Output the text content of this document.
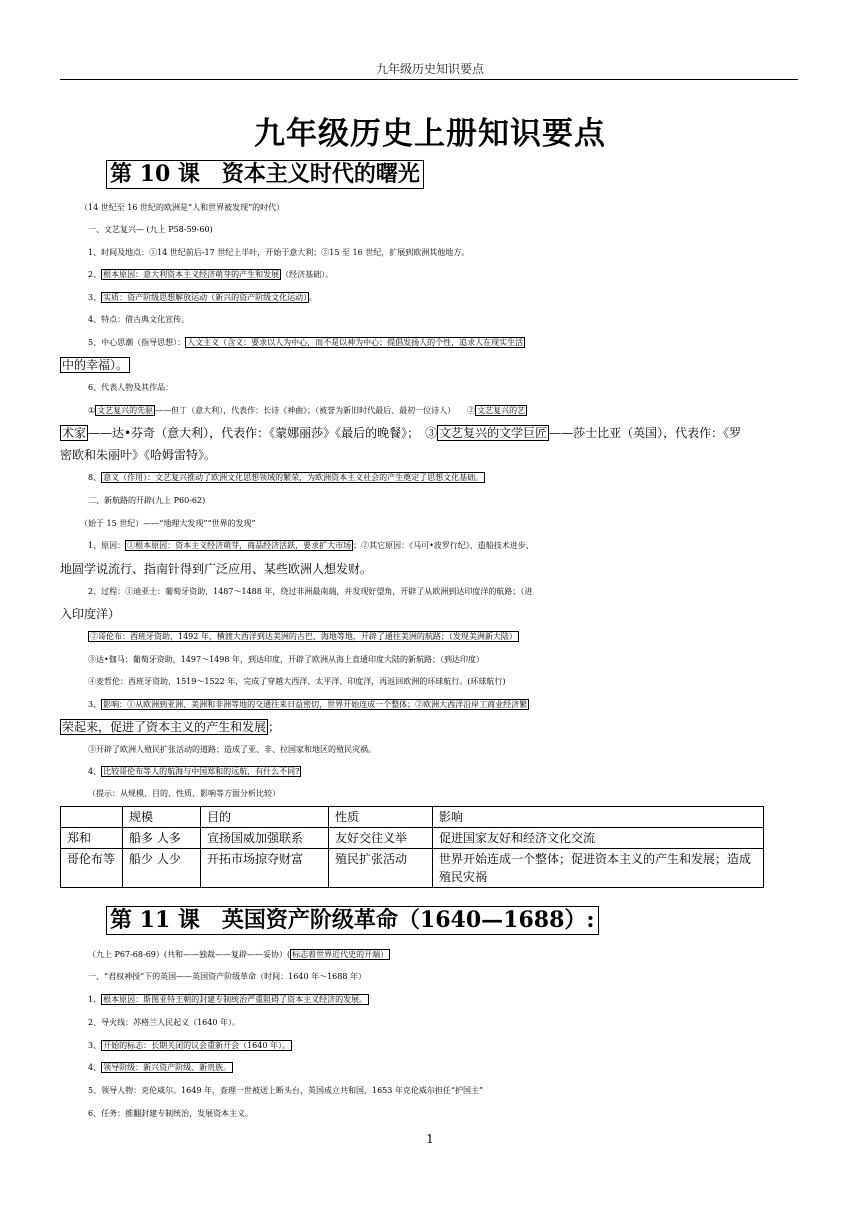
九年级历史知识要点
九年级历史上册知识要点
第 10 课　资本主义时代的曙光
（14 世纪至 16 世纪的欧洲是“人和世界被发现”的时代）
一、文艺复兴— (九上 P58-59-60)
1、时间及地点：①14 世纪前后-17 世纪上半叶，开始于意大利；②15 至 16 世纪，扩展到欧洲其他地方。
2、 根本原因：意大利资本主义经济萌芽的产生和发展 （经济基础）。
3、 实质：资产阶级思想解放运动（新兴的资产阶级文化运动） 。
4、特点：借古典文化宣传。
5、中心思潮（指导思想）： 人文主义（含义：要求以人为中心，而不是以神为中心；提倡发扬人的个性，追求人在现实生活
中的幸福）。
6、代表人物及其作品：
① 文艺复兴的先驱 ——但丁（意大利），代表作：长诗《神曲》；（被誉为新旧时代最后、最初一位诗人）　　② 文艺复兴的艺
术家 ——达•芬奇（意大利），代表作：《蒙娜丽莎》《最后的晚餐》；　③ 文艺复兴的文学巨匠 ——莎士比亚（英国），代表作：《罗
密欧和朱丽叶》《哈姆雷特》。
8、 意义（作用）：文艺复兴推动了欧洲文化思想领域的繁荣，为欧洲资本主义社会的产生奠定了思想文化基础。
二、新航路的开辟(九上 P60-62)
（始于 15 世纪）——“地理大发现”“世界的发现”
1、原因： ①根本原因：资本主义经济萌芽，商品经济活跃，要求扩大市场 ；②其它原因：《马可•波罗行纪》、造船技术进步、
地圆学说流行、指南针得到广泛应用、某些欧洲人想发财。
2、过程：①迪亚士：葡萄牙资助，1487～1488 年，绕过非洲最南端，并发现好望角，开辟了从欧洲到达印度洋的航路；（进
入印度洋）
②哥伦布：西班牙资助，1492 年，横渡大西洋到达美洲的古巴、海地等地，开辟了通往美洲的航路；（发现美洲新大陆）
③达•伽马：葡萄牙资助，1497～1498 年，到达印度，开辟了欧洲从海上直通印度大陆的新航路；（到达印度）
④麦哲伦：西班牙资助，1519～1522 年，完成了穿越大西洋、太平洋、印度洋，再返回欧洲的环球航行。(环球航行)
3、 影响：①从欧洲到亚洲、美洲和非洲等地的交通往来日益密切，世界开始连成一个整体；②欧洲大西洋沿岸工商业经济繁
荣起来，促进了资本主义的产生和发展 ；
③开辟了欧洲人殖民扩张活动的道路；造成了亚、非、拉国家和地区的殖民灾祸。
4、 比较哥伦布等人的航海与中国郑和的远航，有什么不同?
（提示：从规模、目的、性质、影响等方面分析比较）
	规模	目的	性质	影响
郑和	船多 人多	宣扬国威加强联系	友好交往义举	促进国家友好和经济文化交流
哥伦布等	船少 人少	开拓市场掠夺财富	殖民扩张活动	世界开始连成一个整体；促进资本主义的产生和发展；造成殖民灾祸
第 11 课　英国资产阶级革命（1640—1688）:
（九上 P67-68-69）(共和——独裁——复辟——妥协）( 标志着世界近代史的开端）
一、“君权神授”下的英国——英国资产阶级革命（时间：1640 年～1688 年）
1、 根本原因：斯图亚特王朝的封建专制统治严重阻碍了资本主义经济的发展。
2、导火线：苏格兰人民起义（1640 年）。
3、 开始的标志：长期关闭的议会重新开会（1640 年）。
4、 领导阶级：新兴资产阶级、新贵族。
5、领导人物：克伦威尔。1649 年，查理一世被送上断头台，英国成立共和国，1653 年克伦威尔担任“护国主”
6、任务：推翻封建专制统治，发展资本主义。
1
